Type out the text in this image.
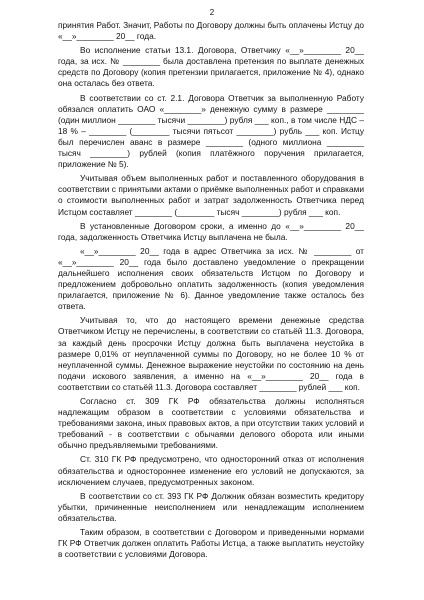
2

принятия Работ. Значит, Работы по Договору должны быть оплачены Истцу до «__»________ 20__ года.

Во исполнение статьи 13.1. Договора, Ответчику «__»________ 20__ года, за исх. № ________ была доставлена претензия по выплате денежных средств по Договору (копия претензии прилагается, приложение № 4), однако она осталась без ответа.

В соответствии со ст. 2.1. Договора Ответчик за выполненную Работу обязался оплатить ОАО «________» денежную сумму в размере ________ (один миллион ________ тысячи ________) рубля ___ коп., в том числе НДС – 18 % – ________ (________ тысячи пятьсот ________) рубль ___ коп. Истцу был перечислен аванс в размере ________ (одного миллиона ________ тысяч ________) рублей (копия платёжного поручения прилагается, приложение № 5).

Учитывая объем выполненных работ и поставленного оборудования в соответствии с принятыми актами о приёмке выполненных работ и справками о стоимости выполненных работ и затрат задолженность Ответчика перед Истцом составляет ________ (________ тысяч ________) рубля ___ коп.

В установленные Договором сроки, а именно до «__»________ 20__ года, задолженность Ответчика Истцу выплачена не была.

«__»________ 20__ года в адрес Ответчика за исх. № ________ от «__»________ 20__ года было доставлено уведомление о прекращении дальнейшего исполнения своих обязательств Истцом по Договору и предложением добровольно оплатить задолженность (копия уведомления прилагается, приложение № 6). Данное уведомление также осталось без ответа.

Учитывая то, что до настоящего времени денежные средства Ответчиком Истцу не перечислены, в соответствии со статьёй 11.3. Договора, за каждый день просрочки Истцу должна быть выплачена неустойка в размере 0,01% от неуплаченной суммы по Договору, но не более 10 % от неуплаченной суммы. Денежное выражение неустойки по состоянию на день подачи искового заявления, а именно на «__»________ 20__ года в соответствии со статьёй 11.3. Договора составляет ________ рублей ___ коп.

Согласно ст. 309 ГК РФ обязательства должны исполняться надлежащим образом в соответствии с условиями обязательства и требованиями закона, иных правовых актов, а при отсутствии таких условий и требований - в соответствии с обычаями делового оборота или иными обычно предъявляемыми требованиями.

Ст. 310 ГК РФ предусмотрено, что односторонний отказ от исполнения обязательства и одностороннее изменение его условий не допускаются, за исключением случаев, предусмотренных законом.

В соответствии со ст. 393 ГК РФ Должник обязан возместить кредитору убытки, причиненные неисполнением или ненадлежащим исполнением обязательства.

Таким образом, в соответствии с Договором и приведенными нормами ГК РФ Ответчик должен оплатить Работы Истца, а также выплатить неустойку в соответствии с условиями Договора.
